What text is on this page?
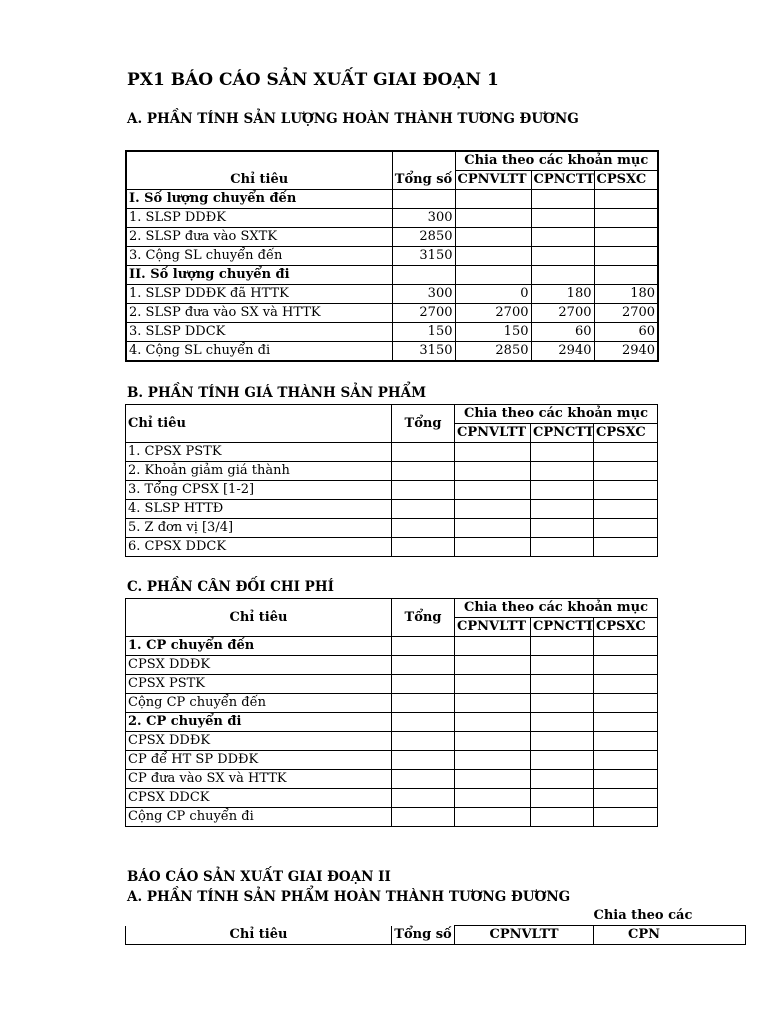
PX1 BÁO CÁO SẢN XUẤT GIAI ĐOẠN 1
A. PHẦN TÍNH SẢN LƯỢNG HOÀN THÀNH TƯƠNG ĐƯƠNG
		Chia theo các khoản mục		
Chỉ tiêu	Tổng số	CPNVLTT	CPNCTT	CPSXC
I. Số lượng chuyển đến				
1. SLSP DDĐK	300			
2. SLSP đưa vào SXTK	2850			
3. Cộng SL chuyển đến	3150			
II. Số lượng chuyển đi				
1. SLSP DDĐK đã HTTK	300	0	180	180
2. SLSP đưa vào SX và HTTK	2700	2700	2700	2700
3. SLSP DDCK	150	150	60	60
4. Cộng SL chuyển đi	3150	2850	2940	2940
B. PHẦN TÍNH GIÁ THÀNH SẢN PHẨM
Chỉ tiêu	Tổng	Chia theo các khoản mục		
		CPNVLTT	CPNCTT	CPSXC
1. CPSX PSTK				
2. Khoản giảm giá thành				
3. Tổng CPSX [1-2]				
4. SLSP HTTĐ				
5. Z đơn vị [3/4]				
6. CPSX DDCK				
C. PHẦN CÂN ĐỐI CHI PHÍ
Chỉ tiêu	Tổng	Chia theo các khoản mục		
		CPNVLTT	CPNCTT	CPSXC
1. CP chuyển đến				
CPSX DDĐK				
CPSX PSTK				
Cộng CP chuyển đến				
2. CP chuyển đi				
CPSX DDĐK				
CP để HT SP DDĐK				
CP đưa vào SX và HTTK				
CPSX DDCK				
Cộng CP chuyển đi				
BÁO CÁO SẢN XUẤT GIAI ĐOẠN II
A. PHẦN TÍNH SẢN PHẨM HOÀN THÀNH TƯƠNG ĐƯƠNG
			Chia theo các
Chỉ tiêu	Tổng số	CPNVLTT	CPN
